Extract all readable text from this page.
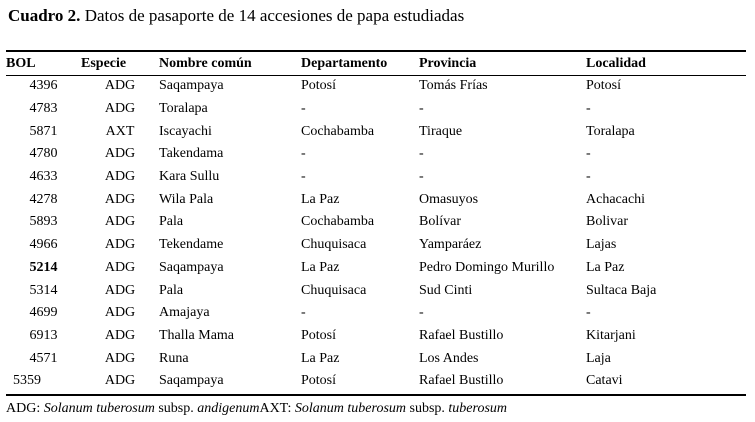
Cuadro 2. Datos de pasaporte de 14 accesiones de papa estudiadas
BOL	Especie	Nombre común	Departamento	Provincia	Localidad
4396	ADG	Saqampaya	Potosí	Tomás Frías	Potosí
4783	ADG	Toralapa	-	-	-
5871	AXT	Iscayachi	Cochabamba	Tiraque	Toralapa
4780	ADG	Takendama	-	-	-
4633	ADG	Kara Sullu	-	-	-
4278	ADG	Wila Pala	La Paz	Omasuyos	Achacachi
5893	ADG	Pala	Cochabamba	Bolívar	Bolivar
4966	ADG	Tekendame	Chuquisaca	Yamparáez	Lajas
5214	ADG	Saqampaya	La Paz	Pedro Domingo Murillo	La Paz
5314	ADG	Pala	Chuquisaca	Sud Cinti	Sultaca Baja
4699	ADG	Amajaya	-	-	-
6913	ADG	Thalla Mama	Potosí	Rafael Bustillo	Kitarjani
4571	ADG	Runa	La Paz	Los Andes	Laja
5359	ADG	Saqampaya	Potosí	Rafael Bustillo	Catavi
ADG: Solanum tuberosum subsp. andigenumAXT: Solanum tuberosum subsp. tuberosum
